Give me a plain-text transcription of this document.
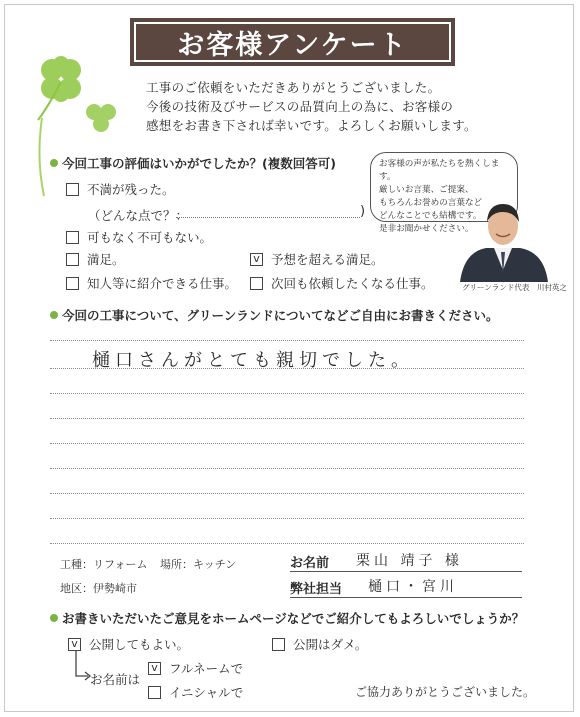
お客様アンケート
工事のご依頼をいただきありがとうございました。
今後の技術及びサービスの品質向上の為に、お客様の
感想をお書き下されば幸いです。よろしくお願いします。
今回工事の評価はいかがでしたか？(複数回答可)
不満が残った。
（どんな点で？：	)
可もなく不可もない。
満足。	v 予想を超える満足。
知人等に紹介できる仕事。	次回も依頼したくなる仕事。
お客様の声が私たちを熱くします。
厳しいお言葉、ご提案、
もちろんお誉めの言葉など
どんなことでも結構です。
是非お聞かせください。
グリーンランド代表　川村英之
今回の工事について、グリーンランドについてなどご自由にお書きください。
樋口さんがとても親切でした。
工種：リフォーム 場所：キッチン
地区：伊勢崎市
お名前 栗山 靖子 様
弊社担当 樋口・宮川
お書きいただいたご意見をホームページなどでご紹介してもよろしいでしょうか？
v 公開してもよい。	公開はダメ。
お名前は
v フルネームで
イニシャルで	ご協力ありがとうございました。
